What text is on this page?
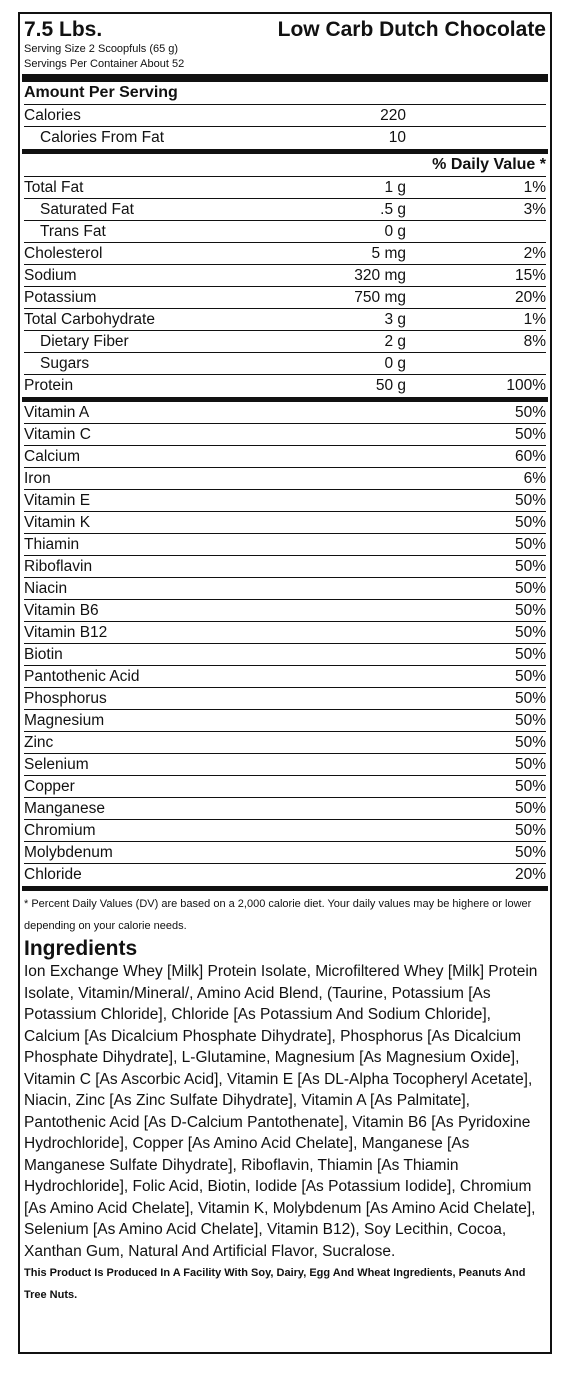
7.5 Lbs.	Low Carb Dutch Chocolate
Serving Size 2 Scoopfuls (65 g)
Servings Per Container About 52
Amount Per Serving
Calories	220
Calories From Fat	10
% Daily Value *
Total Fat	1 g	1%
Saturated Fat	.5 g	3%
Trans Fat	0 g
Cholesterol	5 mg	2%
Sodium	320 mg	15%
Potassium	750 mg	20%
Total Carbohydrate	3 g	1%
Dietary Fiber	2 g	8%
Sugars	0 g
Protein	50 g	100%
Vitamin A	50%
Vitamin C	50%
Calcium	60%
Iron	6%
Vitamin E	50%
Vitamin K	50%
Thiamin	50%
Riboflavin	50%
Niacin	50%
Vitamin B6	50%
Vitamin B12	50%
Biotin	50%
Pantothenic Acid	50%
Phosphorus	50%
Magnesium	50%
Zinc	50%
Selenium	50%
Copper	50%
Manganese	50%
Chromium	50%
Molybdenum	50%
Chloride	20%
* Percent Daily Values (DV) are based on a 2,000 calorie diet. Your daily values may be highere or lower depending on your calorie needs.
Ingredients
Ion Exchange Whey [Milk] Protein Isolate, Microfiltered Whey [Milk] Protein Isolate, Vitamin/Mineral/, Amino Acid Blend, (Taurine, Potassium [As Potassium Chloride], Chloride [As Potassium And Sodium Chloride], Calcium [As Dicalcium Phosphate Dihydrate], Phosphorus [As Dicalcium Phosphate Dihydrate], L-Glutamine, Magnesium [As Magnesium Oxide], Vitamin C [As Ascorbic Acid], Vitamin E [As DL-Alpha Tocopheryl Acetate], Niacin, Zinc [As Zinc Sulfate Dihydrate], Vitamin A [As Palmitate], Pantothenic Acid [As D-Calcium Pantothenate], Vitamin B6 [As Pyridoxine Hydrochloride], Copper [As Amino Acid Chelate], Manganese [As Manganese Sulfate Dihydrate], Riboflavin, Thiamin [As Thiamin Hydrochloride], Folic Acid, Biotin, Iodide [As Potassium Iodide], Chromium [As Amino Acid Chelate], Vitamin K, Molybdenum [As Amino Acid Chelate], Selenium [As Amino Acid Chelate], Vitamin B12), Soy Lecithin, Cocoa, Xanthan Gum, Natural And Artificial Flavor, Sucralose.
This Product Is Produced In A Facility With Soy, Dairy, Egg And Wheat Ingredients, Peanuts And Tree Nuts.
